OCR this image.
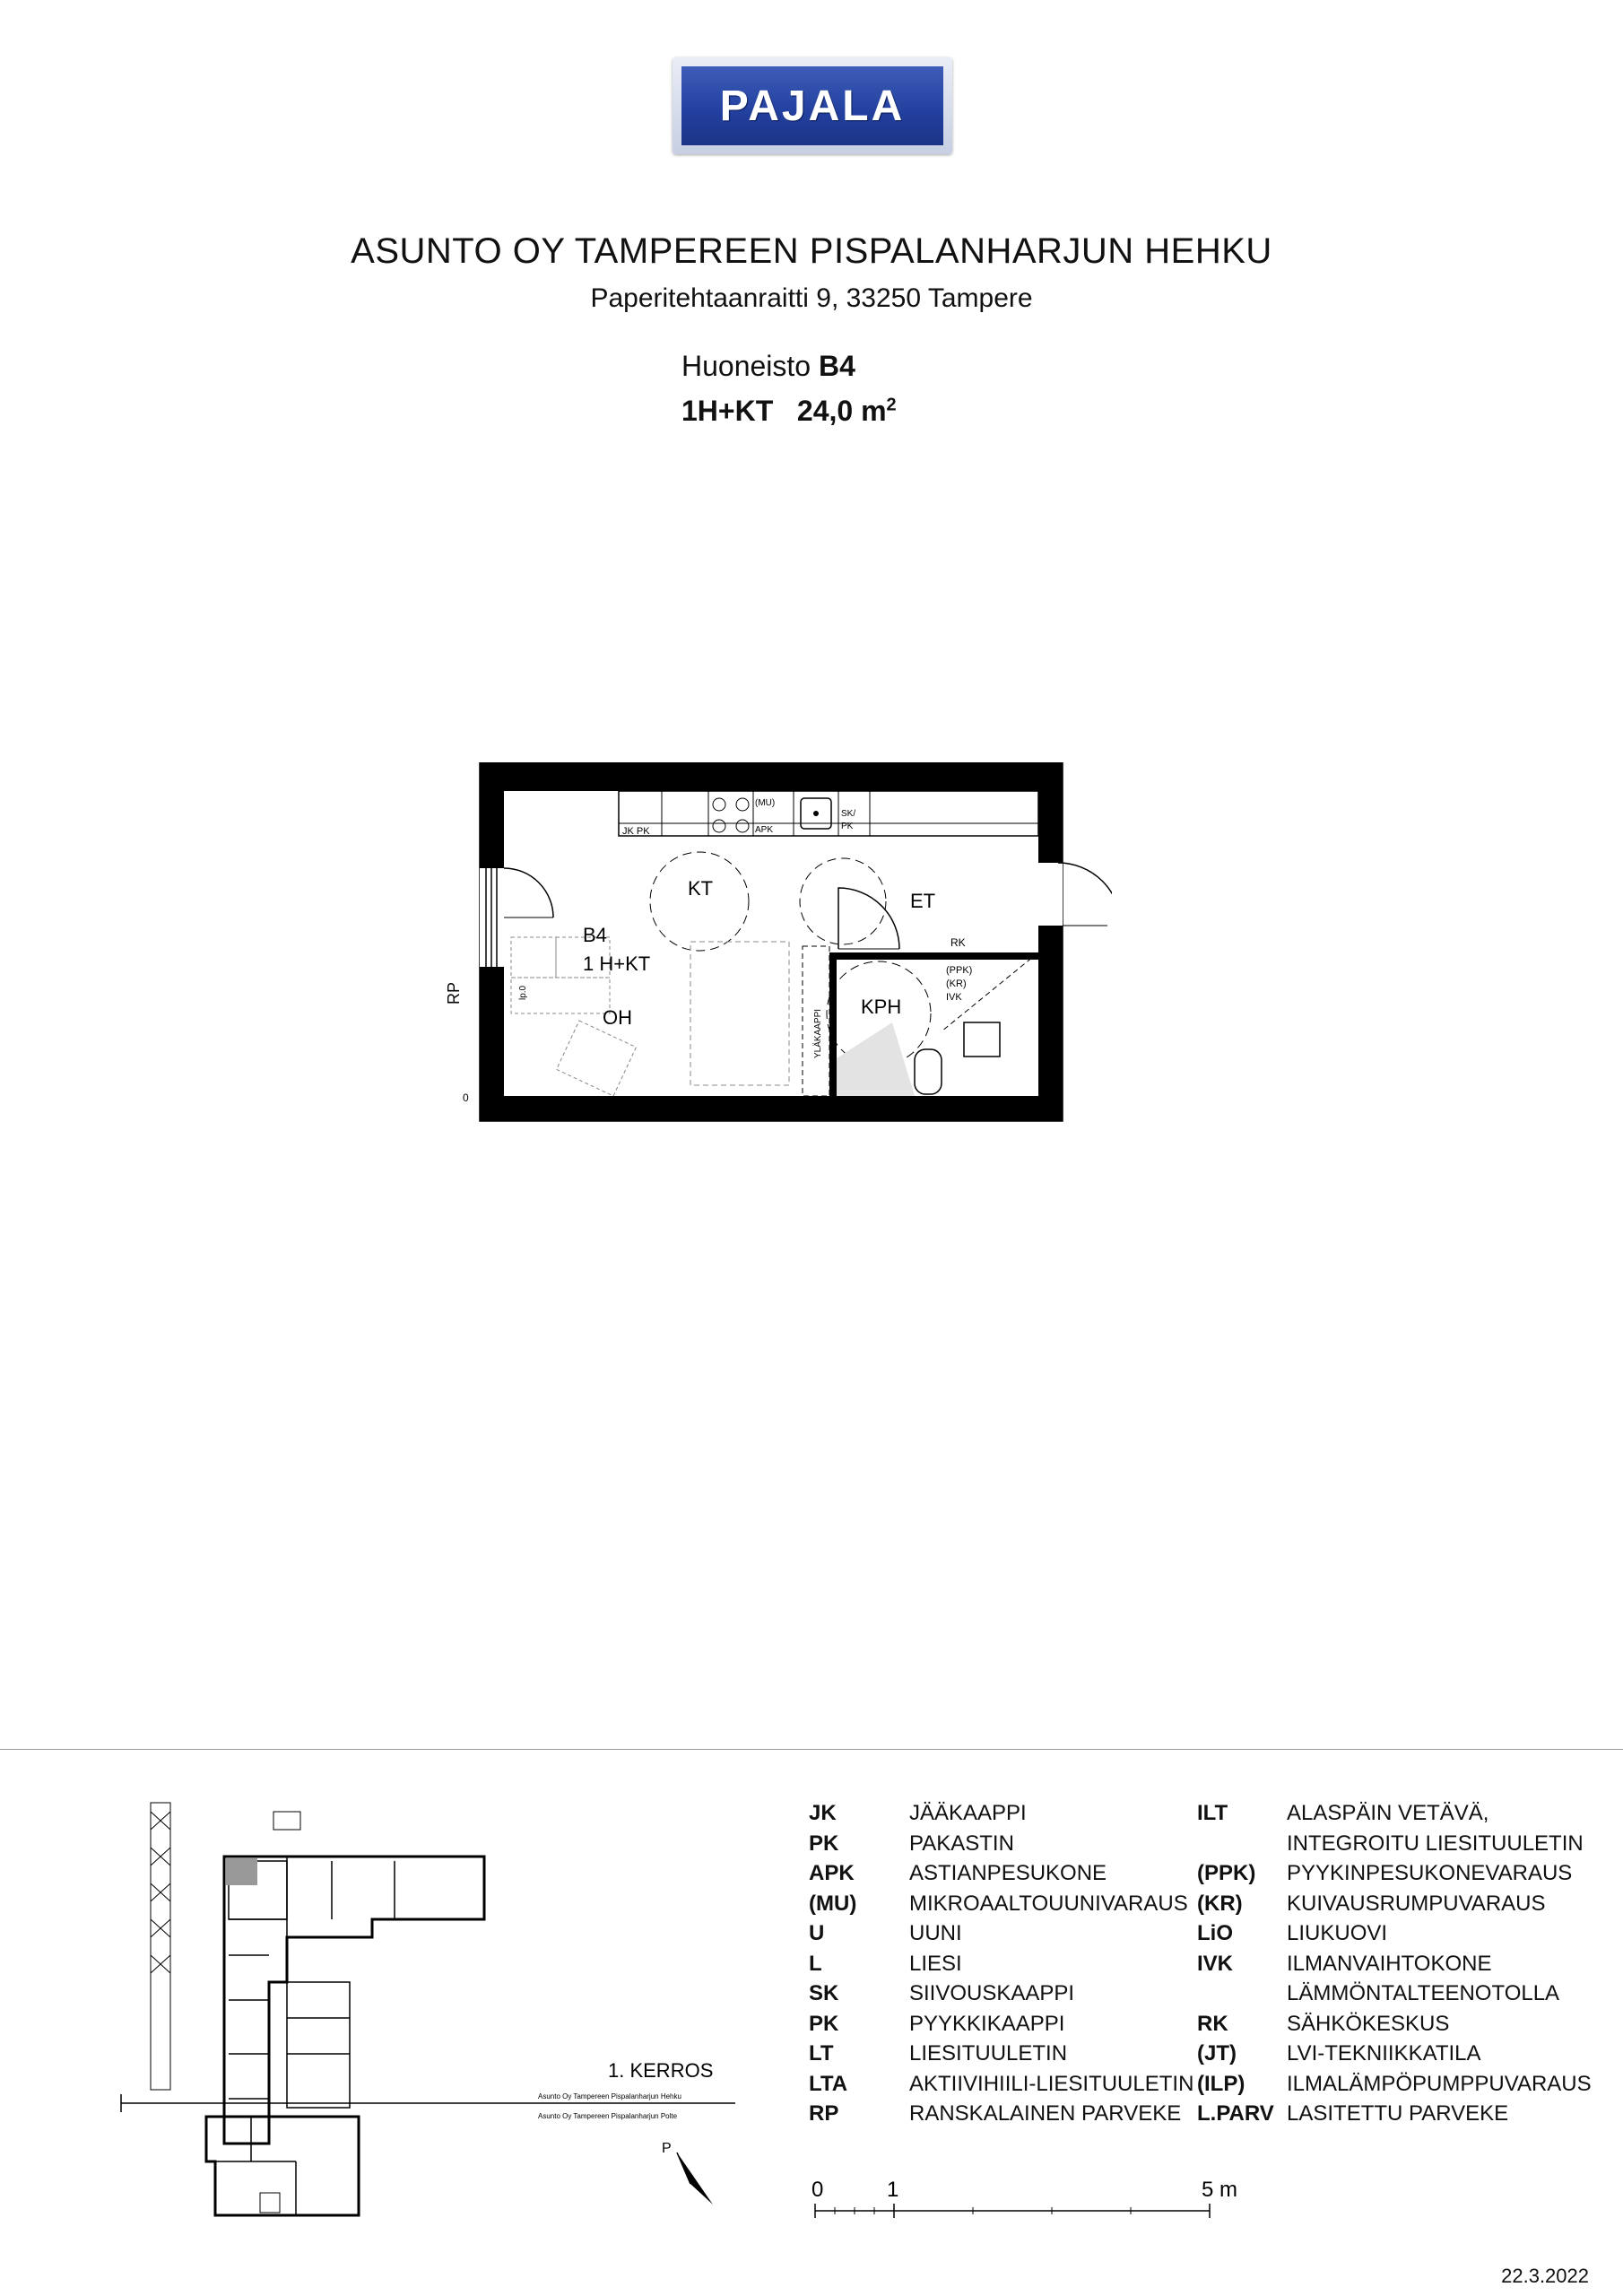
PAJALA
ASUNTO OY TAMPEREEN PISPALANHARJUN HEHKU
Paperitehtaanraitti 9, 33250 Tampere
Huoneisto B4
1H+KT 24,0 $m^2$
JK PK
(MU)
APK
SK/
PK
KT
ET
RK
YLÄKAAPPI
KPH
(PPK)
(KR)
IVK
B4
1 H+KT
OH
RP	lp.0
0
1. KERROS
Asunto Oy Tampereen Pispalanharjun Hehku
Asunto Oy Tampereen Pispalanharjun Polte
P
JK	JÄÄKAAPPI
PK	PAKASTIN
APK	ASTIANPESUKONE
(MU)	MIKROAALTOUUNIVARAUS
U	UUNI
L	LIESI
SK	SIIVOUSKAAPPI
PK	PYYKKIKAAPPI
LT	LIESITUULETIN
LTA	AKTIIVIHIILI-LIESITUULETIN
RP	RANSKALAINEN PARVEKE
ILT	ALASPÄIN VETÄVÄ,
INTEGROITU LIESITUULETIN
(PPK)	PYYKINPESUKONEVARAUS
(KR)	KUIVAUSRUMPUVARAUS
LiO	LIUKUOVI
IVK	ILMANVAIHTOKONE
LÄMMÖNTALTEENOTOLLA
RK	SÄHKÖKESKUS
(JT)	LVI-TEKNIIKKATILA
(ILP)	ILMALÄMPÖPUMPPUVARAUS
L.PARV LASITETTU PARVEKE
0	1	5 m
22.3.2022
